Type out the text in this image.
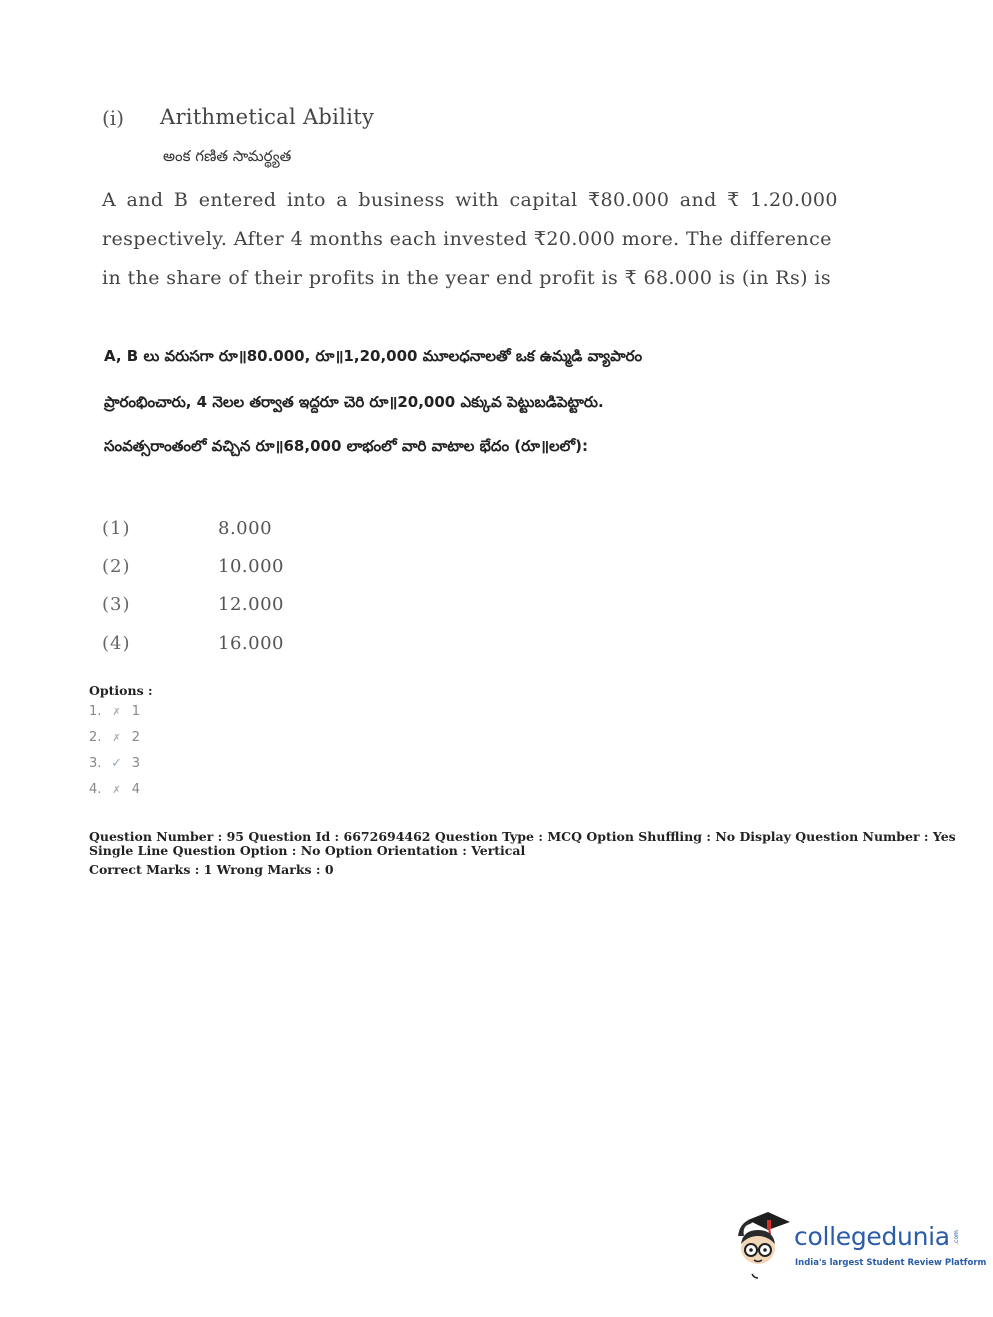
(i) Arithmetical Ability
అంక గణిత సామర్థ్యత
A and B entered into a business with capital ₹80.000 and ₹ 1.20.000
respectively. After 4 months each invested ₹20.000 more. The difference
in the share of their profits in the year end profit is ₹ 68.000 is (in Rs) is
A, B లు వరుసగా రూ॥80.000, రూ॥1,20,000 మూలధనాలతో ఒక ఉమ్మడి వ్యాపారం
ప్రారంభించారు, 4 నెలల తర్వాత ఇద్దరూ చెరి రూ॥20,000 ఎక్కువ పెట్టుబడిపెట్టారు.
సంవత్సరాంతంలో వచ్చిన రూ॥68,000 లాభంలో వారి వాటాల భేదం (రూ॥లలో):
(1)	8.000
(2)	10.000
(3)	12.000
(4)	16.000
Options :
1. ✗ 1
2. ✗ 2
3. ✓ 3
4. ✗ 4
Question Number : 95 Question Id : 6672694462 Question Type : MCQ Option Shuffling : No Display Question Number : Yes
Single Line Question Option : No Option Orientation : Vertical
Correct Marks : 1 Wrong Marks : 0
collegedunia .com
India's largest Student Review Platform
